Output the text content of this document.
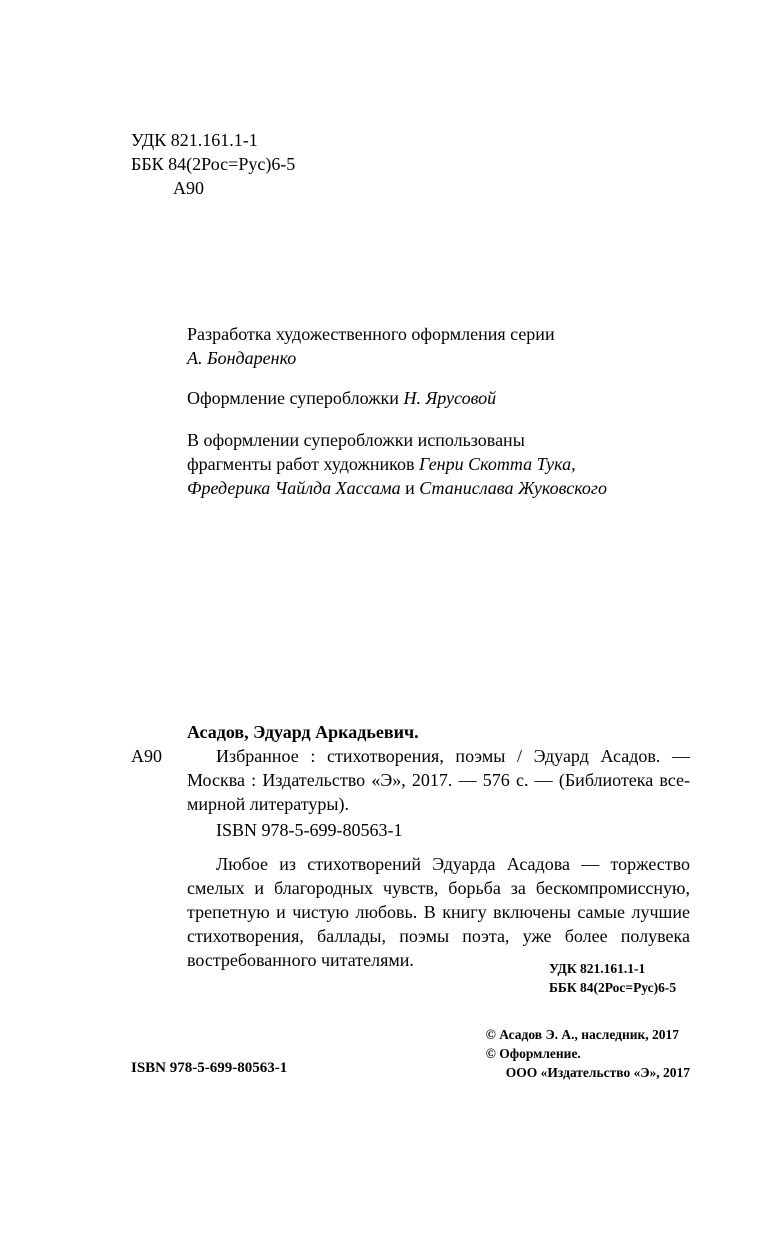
УДК 821.161.1-1
ББК 84(2Рос=Рус)6-5
А90
Разработка художественного оформления серии
А. Бондаренко
Оформление суперобложки Н. Ярусовой
В оформлении суперобложки использованы
фрагменты работ художников Генри Скотта Тука,
Фредерика Чайлда Хассама и Станислава Жуковского
Асадов, Эдуард Аркадьевич.
А90	Избранное : стихотворения, поэмы / Эдуард Асадов. —
Москва : Издательство «Э», 2017. — 576 с. — (Библиотека все-
мирной литературы).
ISBN 978-5-699-80563-1
Любое из стихотворений Эдуарда Асадова — торжество
смелых и благородных чувств, борьба за бескомпромиссную,
трепетную и чистую любовь. В книгу включены самые лучшие
стихотворения, баллады, поэмы поэта, уже более полувека
востребованного читателями.	УДК 821.161.1-1
ББК 84(2Рос=Рус)6-5
ISBN 978-5-699-80563-1
© Асадов Э. А., наследник, 2017
© Оформление.
ООО «Издательство «Э», 2017
